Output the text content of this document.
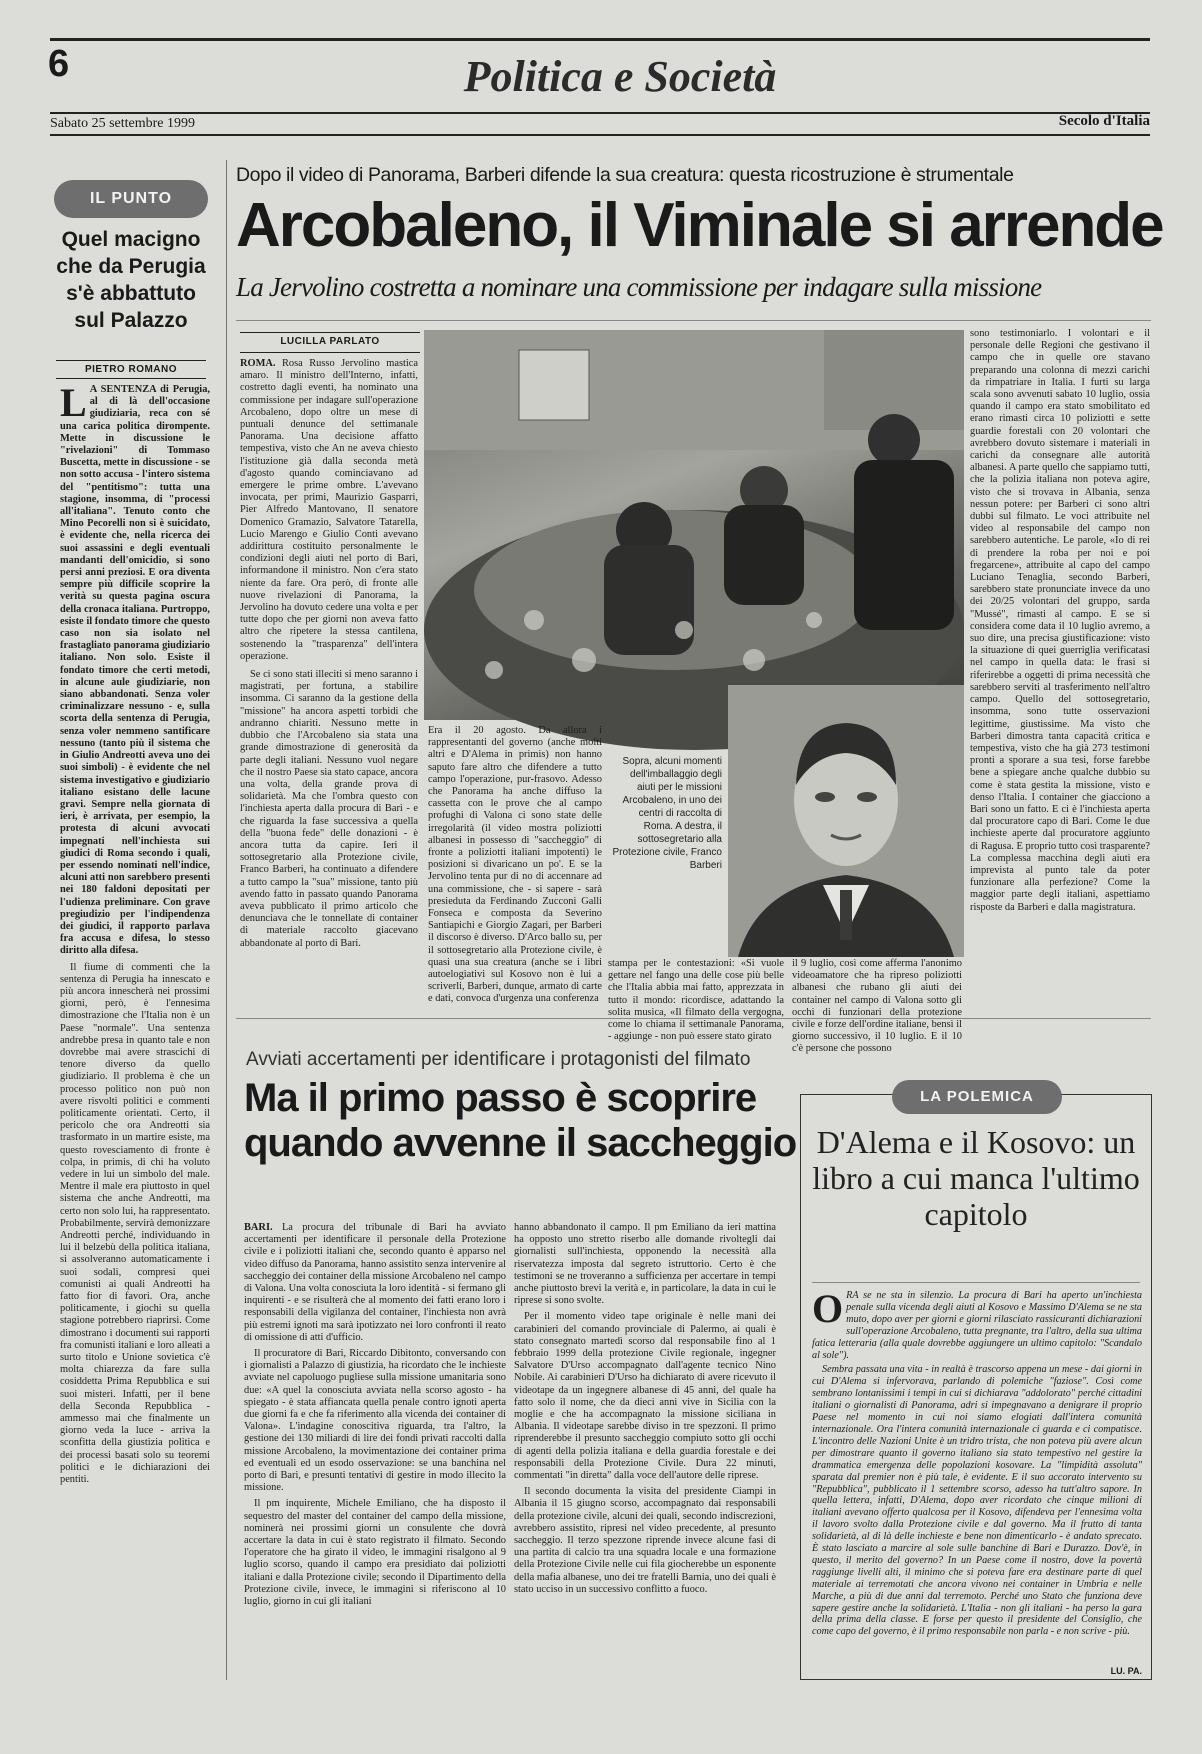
6	Politica e Società
Sabato 25 settembre 1999	Secolo d'Italia
IL PUNTO
Quel macigno che da Perugia s'è abbattuto sul Palazzo
PIETRO ROMANO
L A SENTENZA di Perugia, al di là dell'occasione giudiziaria, reca con sé una carica politica dirompente. Mette in discussione le "rivelazioni" di Tommaso Buscetta, mette in discussione - se non sotto accusa - l'intero sistema del "pentitismo": tutta una stagione, insomma, di "processi all'italiana". Tenuto conto che Mino Pecorelli non si è suicidato, è evidente che, nella ricerca dei suoi assassini e degli eventuali mandanti dell'omicidio, si sono persi anni preziosi. E ora diventa sempre più difficile scoprire la verità su questa pagina oscura della cronaca italiana. Purtroppo, esiste il fondato timore che questo caso non sia isolato nel frastagliato panorama giudiziario italiano. Non solo. Esiste il fondato timore che certi metodi, in alcune aule giudiziarie, non siano abbandonati. Senza voler criminalizzare nessuno - e, sulla scorta della sentenza di Perugia, senza voler nemmeno santificare nessuno (tanto più il sistema che in Giulio Andreotti aveva uno dei suoi simboli) - è evidente che nel sistema investigativo e giudiziario italiano esistano delle lacune gravi. Sempre nella giornata di ieri, è arrivata, per esempio, la protesta di alcuni avvocati impegnati nell'inchiesta sui giudici di Roma secondo i quali, per essendo nominati nell'indice, alcuni atti non sarebbero presenti nei 180 faldoni depositati per l'udienza preliminare. Con grave pregiudizio per l'indipendenza dei giudici, il rapporto parlava fra accusa e difesa, lo stesso diritto alla difesa.

Il fiume di commenti che la sentenza di Perugia ha innescato e più ancora innescherà nei prossimi giorni, però, è l'ennesima dimostrazione che l'Italia non è un Paese "normale". Una sentenza andrebbe presa in quanto tale e non dovrebbe mai avere strascichi di tenore diverso da quello giudiziario. Il problema è che un processo politico non può non avere risvolti politici e commenti politicamente orientati. Certo, il pericolo che ora Andreotti sia trasformato in un martire esiste, ma questo rovesciamento di fronte è colpa, in primis, di chi ha voluto vedere in lui un simbolo del male. Mentre il male era piuttosto in quel sistema che anche Andreotti, ma certo non solo lui, ha rappresentato. Probabilmente, servirà demonizzare Andreotti perché, individuando in lui il belzebù della politica italiana, si assolveranno automaticamente i suoi sodali, compresi quei comunisti ai quali Andreotti ha fatto fior di favori. Ora, anche politicamente, i giochi su quella stagione potrebbero riaprirsi. Come dimostrano i documenti sui rapporti fra comunisti italiani e loro alleati a surto titolo e Unione sovietica c'è molta chiarezza da fare sulla cosiddetta Prima Repubblica e sui suoi misteri. Infatti, per il bene della Seconda Repubblica - ammesso mai che finalmente un giorno veda la luce - arriva la sconfitta della giustizia politica e dei processi basati solo su teoremi politici e le dichiarazioni dei pentiti.

Dopo il video di Panorama, Barberi difende la sua creatura: questa ricostruzione è strumentale
Arcobaleno, il Viminale si arrende
La Jervolino costretta a nominare una commissione per indagare sulla missione
LUCILLA PARLATO
ROMA. Rosa Russo Jervolino mastica amaro. Il ministro dell'Interno, infatti, costretto dagli eventi, ha nominato una commissione per indagare sull'operazione Arcobaleno, dopo oltre un mese di puntuali denunce del settimanale Panorama. Una decisione affatto tempestiva, visto che An ne aveva chiesto l'istituzione già dalla seconda metà d'agosto quando cominciavano ad emergere le prime ombre. L'avevano invocata, per primi, Maurizio Gasparri, Pier Alfredo Mantovano, Il senatore Domenico Gramazio, Salvatore Tatarella, Lucio Marengo e Giulio Conti avevano addirittura costituito personalmente le condizioni degli aiuti nel porto di Bari, informandone il ministro. Non c'era stato niente da fare. Ora però, di fronte alle nuove rivelazioni di Panorama, la Jervolino ha dovuto cedere una volta e per tutte dopo che per giorni non aveva fatto altro che ripetere la stessa cantilena, sostenendo la "trasparenza" dell'intera operazione.

Se ci sono stati illeciti si meno saranno i magistrati, per fortuna, a stabilire insomma. Ci saranno da la gestione della "missione" ha ancora aspetti torbidi che andranno chiariti. Nessuno mette in dubbio che l'Arcobaleno sia stata una grande dimostrazione di generosità da parte degli italiani. Nessuno vuol negare che il nostro Paese sia stato capace, ancora una volta, della grande prova di solidarietà. Ma che l'ombra questo con l'inchiesta aperta dalla procura di Bari - e che riguarda la fase successiva a quella della "buona fede" delle donazioni - è ancora tutta da capire. Ieri il sottosegretario alla Protezione civile, Franco Barberi, ha continuato a difendere a tutto campo la "sua" missione, tanto più avendo fatto in passato quando Panorama aveva pubblicato il primo articolo che denunciava che le tonnellate di container di materiale raccolto giacevano abbandonate al porto di Bari.

Era il 20 agosto. Da allora i rappresentanti del governo (anche molti altri e D'Alema in primis) non hanno saputo fare altro che difendere a tutto campo l'operazione, pur-frasovo. Adesso che Panorama ha anche diffuso la cassetta con le prove che al campo profughi di Valona ci sono state delle irregolarità (il video mostra poliziotti albanesi in possesso di "saccheggio" di fronte a poliziotti italiani impotenti) le posizioni si divaricano un po'. E se la Jervolino tenta pur di no di accennare ad una commissione, che - si sapere - sarà presieduta da Ferdinando Zucconi Galli Fonseca e composta da Severino Santiapichi e Giorgio Zagari, per Barberi il discorso è diverso. D'Arco ballo su, per il sottosegretario alla Protezione civile, è quasi una sua creatura (anche se i libri autoelogiativi sul Kosovo non è lui a scriverli, Barberi, dunque, armato di carte e dati, convoca d'urgenza una conferenza
Sopra, alcuni momenti dell'imballaggio degli aiuti per le missioni Arcobaleno, in uno dei centri di raccolta di Roma. A destra, il sottosegretario alla Protezione civile, Franco Barberi
stampa per le contestazioni: «Si vuole gettare nel fango una delle cose più belle che l'Italia abbia mai fatto, apprezzata in tutto il mondo: ricordisce, adattando la solita musica, «Il filmato della vergogna, come lo chiama il settimanale Panorama, - aggiunge - non può essere stato girato
il 9 luglio, così come afferma l'anonimo videoamatore che ha ripreso poliziotti albanesi che rubano gli aiuti dei container nel campo di Valona sotto gli occhi di funzionari della protezione civile e forze dell'ordine italiane, bensì il giorno successivo, il 10 luglio. E il 10 c'è persone che possono
sono testimoniarlo. I volontari e il personale delle Regioni che gestivano il campo che in quelle ore stavano preparando una colonna di mezzi carichi da rimpatriare in Italia. I furti su larga scala sono avvenuti sabato 10 luglio, ossia quando il campo era stato smobilitato ed erano rimasti circa 10 poliziotti e sette guardie forestali con 20 volontari che avrebbero dovuto sistemare i materiali in carichi da consegnare alle autorità albanesi. A parte quello che sappiamo tutti, che la polizia italiana non poteva agire, visto che si trovava in Albania, senza nessun potere: per Barberi ci sono altri dubbi sul filmato. Le voci attribuite nel video al responsabile del campo non sarebbero autentiche. Le parole, «Io di rei di prendere la roba per noi e poi fregarcene», attribuite al capo del campo Luciano Tenaglia, secondo Barberi, sarebbero state pronunciate invece da uno dei 20/25 volontari del gruppo, sarda "Mussé", rimasti al campo. E se si considera come data il 10 luglio avremo, a suo dire, una precisa giustificazione: visto la situazione di quei guerriglia verificatasi nel campo in quella data: le frasi si riferirebbe a oggetti di prima necessità che sarebbero serviti al trasferimento nell'altro campo. Quello del sottosegretario, insomma, sono tutte osservazioni legittime, giustissime. Ma visto che Barberi dimostra tanta capacità critica e tempestiva, visto che ha già 273 testimoni pronti a sporare a sua tesi, forse farebbe bene a spiegare anche qualche dubbio su come è stata gestita la missione, visto e denso l'Italia. I container che giacciono a Bari sono un fatto. E ci è l'inchiesta aperta dal procuratore capo di Bari. Come le due inchieste aperte dal procuratore aggiunto di Ragusa. E proprio tutto così trasparente? La complessa macchina degli aiuti era imprevista al punto tale da poter funzionare alla perfezione? Come la maggior parte degli italiani, aspettiamo risposte da Barberi e dalla magistratura.
Avviati accertamenti per identificare i protagonisti del filmato
Ma il primo passo è scoprire quando avvenne il saccheggio
BARI. La procura del tribunale di Bari ha avviato accertamenti per identificare il personale della Protezione civile e i poliziotti italiani che, secondo quanto è apparso nel video diffuso da Panorama, hanno assistito senza intervenire al saccheggio dei container della missione Arcobaleno nel campo di Valona. Una volta conosciuta la loro identità - si fermano gli inquirenti - e se risulterà che al momento dei fatti erano loro i responsabili della vigilanza del container, l'inchiesta non avrà più estremi ignoti ma sarà ipotizzato nei loro confronti il reato di omissione di atti d'ufficio.

Il procuratore di Bari, Riccardo Dibitonto, conversando con i giornalisti a Palazzo di giustizia, ha ricordato che le inchieste avviate nel capoluogo pugliese sulla missione umanitaria sono due: «A quel la conosciuta avviata nella scorso agosto - ha spiegato - è stata affiancata quella penale contro ignoti aperta due giorni fa e che fa riferimento alla vicenda dei container di Valona». L'indagine conoscitiva riguarda, tra l'altro, la gestione dei 130 miliardi di lire dei fondi privati raccolti dalla missione Arcobaleno, la movimentazione dei container prima ed eventuali ed un esodo osservazione: se una banchina nel porto di Bari, e presunti tentativi di gestire in modo illecito la missione.

Il pm inquirente, Michele Emiliano, che ha disposto il sequestro del master del container del campo della missione, nominerà nei prossimi giorni un consulente che dovrà accertare la data in cui è stato registrato il filmato. Secondo l'operatore che ha girato il video, le immagini risalgono al 9 luglio scorso, quando il campo era presidiato dai poliziotti italiani e dalla Protezione civile; secondo il Dipartimento della Protezione civile, invece, le immagini si riferiscono al 10 luglio, giorno in cui gli italiani

hanno abbandonato il campo. Il pm Emiliano da ieri mattina ha opposto uno stretto riserbo alle domande rivoltegli dai giornalisti sull'inchiesta, opponendo la necessità alla riservatezza imposta dal segreto istruttorio. Certo è che testimoni se ne troveranno a sufficienza per accertare in tempi anche piuttosto brevi la verità e, in particolare, la data in cui le riprese si sono svolte.

Per il momento video tape originale è nelle mani dei carabinieri del comando provinciale di Palermo, ai quali è stato consegnato martedì scorso dal responsabile fino al 1 febbraio 1999 della protezione Civile regionale, ingegner Salvatore D'Urso accompagnato dall'agente tecnico Nino Nobile. Ai carabinieri D'Urso ha dichiarato di avere ricevuto il videotape da un ingegnere albanese di 45 anni, del quale ha fatto solo il nome, che da dieci anni vive in Sicilia con la moglie e che ha accompagnato la missione siciliana in Albania. Il videotape sarebbe diviso in tre spezzoni. Il primo riprenderebbe il presunto saccheggio compiuto sotto gli occhi di agenti della polizia italiana e della guardia forestale e dei responsabili della Protezione Civile. Dura 22 minuti, commentati "in diretta" dalla voce dell'autore delle riprese.

Il secondo documenta la visita del presidente Ciampi in Albania il 15 giugno scorso, accompagnato dai responsabili della protezione civile, alcuni dei quali, secondo indiscrezioni, avrebbero assistito, ripresi nel video precedente, al presunto saccheggio. Il terzo spezzone riprende invece alcune fasi di una partita di calcio tra una squadra locale e una formazione della Protezione Civile nelle cui fila giocherebbe un esponente della mafia albanese, uno dei tre fratelli Barnia, uno dei quali è stato ucciso in un successivo conflitto a fuoco.

LA POLEMICA
D'Alema e il Kosovo: un libro a cui manca l'ultimo capitolo
ORA se ne sta in silenzio. La procura di Bari ha aperto un'inchiesta penale sulla vicenda degli aiuti al Kosovo e Massimo D'Alema se ne sta muto, dopo aver per giorni e giorni rilasciato rassicuranti dichiarazioni sull'operazione Arcobaleno, tutta pregnante, tra l'altro, della sua ultima fatica letteraria (alla quale dovrebbe aggiungere un ultimo capitolo: "Scandalo al sole").

Sembra passata una vita - in realtà è trascorso appena un mese - dai giorni in cui D'Alema si infervorava, parlando di polemiche "faziose". Così come sembrano lontanissimi i tempi in cui si dichiarava "addolorato" perché cittadini italiani o giornalisti di Panorama, adri si impegnavano a denigrare il proprio Paese nel momento in cui noi siamo elogiati dall'intera comunità internazionale. Ora l'intera comunità internazionale ci guarda e ci compatisce. L'incontro delle Nazioni Unite è un tridro trista, che non poteva più avere alcun per dimostrare quanto il governo italiano sia stato tempestivo nel gestire la drammatica emergenza delle popolazioni kosovare. La "limpidità assoluta" sparata dal premier non è più tale, è evidente. E il suo accorato intervento su "Repubblica", pubblicato il 1 settembre scorso, adesso ha tutt'altro sapore. In quella lettera, infatti, D'Alema, dopo aver ricordato che cinque milioni di italiani avevano offerto qualcosa per il Kosovo, difendeva per l'ennesima volta il lavoro svolto dalla Protezione civile e dal governo. Ma il frutto di tanta solidarietà, al di là delle inchieste e bene non dimenticarlo - è andato sprecato. È stato lasciato a marcire al sole sulle banchine di Bari e Durazzo. Dov'è, in questo, il merito del governo? In un Paese come il nostro, dove la povertà raggiunge livelli alti, il minimo che si poteva fare era destinare parte di quel materiale ai terremotati che ancora vivono nei container in Umbria e nelle Marche, a più di due anni dal terremoto. Perché uno Stato che funziona deve sapere gestire anche la solidarietà. L'Italia - non gli italiani - ha perso la gara della prima della classe. E forse per questo il presidente del Consiglio, che come capo del governo, è il primo responsabile non parla - e non scrive - più.

LU. PA.
